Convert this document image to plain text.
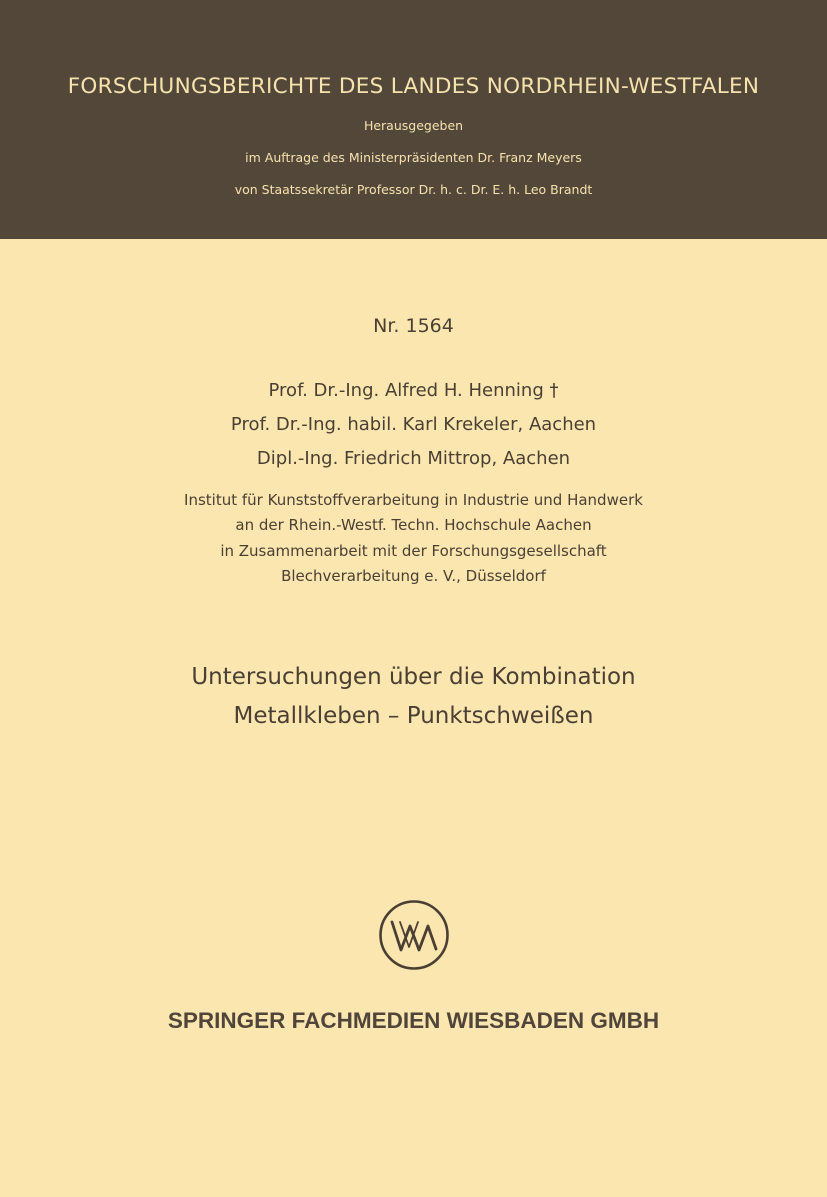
FORSCHUNGSBERICHTE DES LANDES NORDRHEIN-WESTFALEN
Herausgegeben
im Auftrage des Ministerpräsidenten Dr. Franz Meyers
von Staatssekretär Professor Dr. h. c. Dr. E. h. Leo Brandt
Nr. 1564
Prof. Dr.-Ing. Alfred H. Henning †
Prof. Dr.-Ing. habil. Karl Krekeler, Aachen
Dipl.-Ing. Friedrich Mittrop, Aachen
Institut für Kunststoffverarbeitung in Industrie und Handwerk
an der Rhein.-Westf. Techn. Hochschule Aachen
in Zusammenarbeit mit der Forschungsgesellschaft
Blechverarbeitung e. V., Düsseldorf
Untersuchungen über die Kombination
Metallkleben – Punktschweißen
SPRINGER FACHMEDIEN WIESBADEN GMBH
